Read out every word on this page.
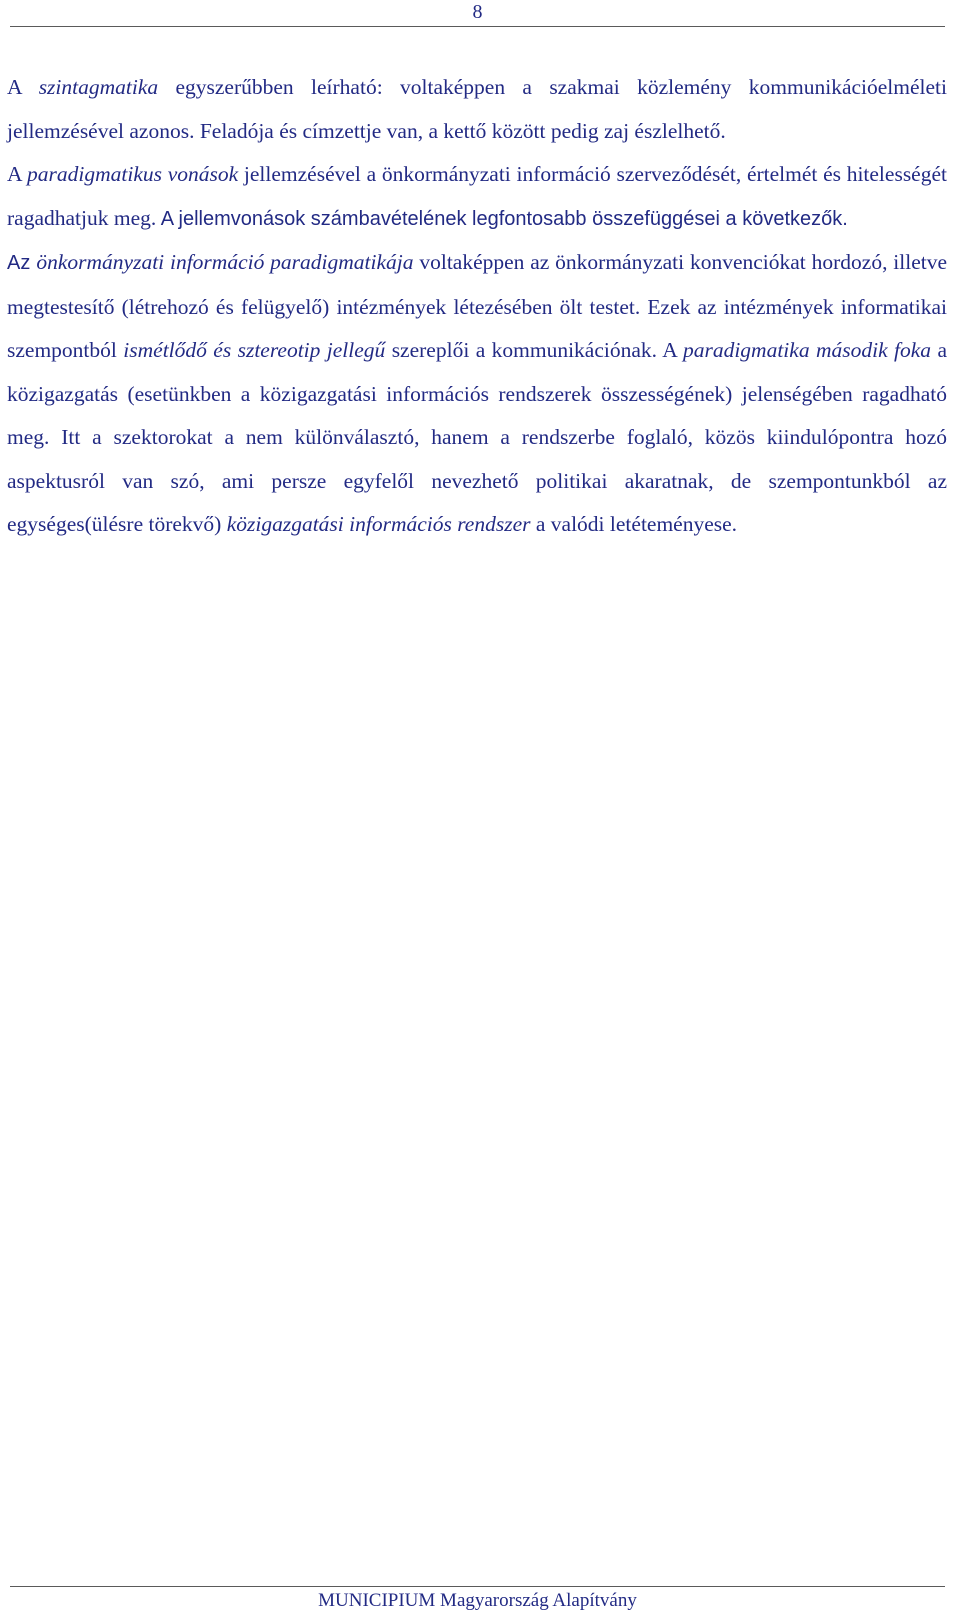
8

A szintagmatika egyszerűbben leírható: voltaképpen a szakmai közlemény kommunikációelméleti jellemzésével azonos. Feladója és címzettje van, a kettő között pedig zaj észlelhető.

A paradigmatikus vonások jellemzésével a önkormányzati információ szerveződését, értelmét és hitelességét ragadhatjuk meg. A jellemvonások számbavételének legfontosabb összefüggései a következők.

Az önkormányzati információ paradigmatikája voltaképpen az önkormányzati konvenciókat hordozó, illetve megtestesítő (létrehozó és felügyelő) intézmények létezésében ölt testet. Ezek az intézmények informatikai szempontból ismétlődő és sztereotip jellegű szereplői a kommunikációnak. A paradigmatika második foka a közigazgatás (esetünkben a közigazgatási információs rendszerek összességének) jelenségében ragadható meg. Itt a szektorokat a nem különválasztó, hanem a rendszerbe foglaló, közös kiindulópontra hozó aspektusról van szó, ami persze egyfelől nevezhető politikai akaratnak, de szempontunkból az egységes(ülésre törekvő) közigazgatási információs rendszer a valódi letéteményese.

MUNICIPIUM Magyarország Alapítvány
